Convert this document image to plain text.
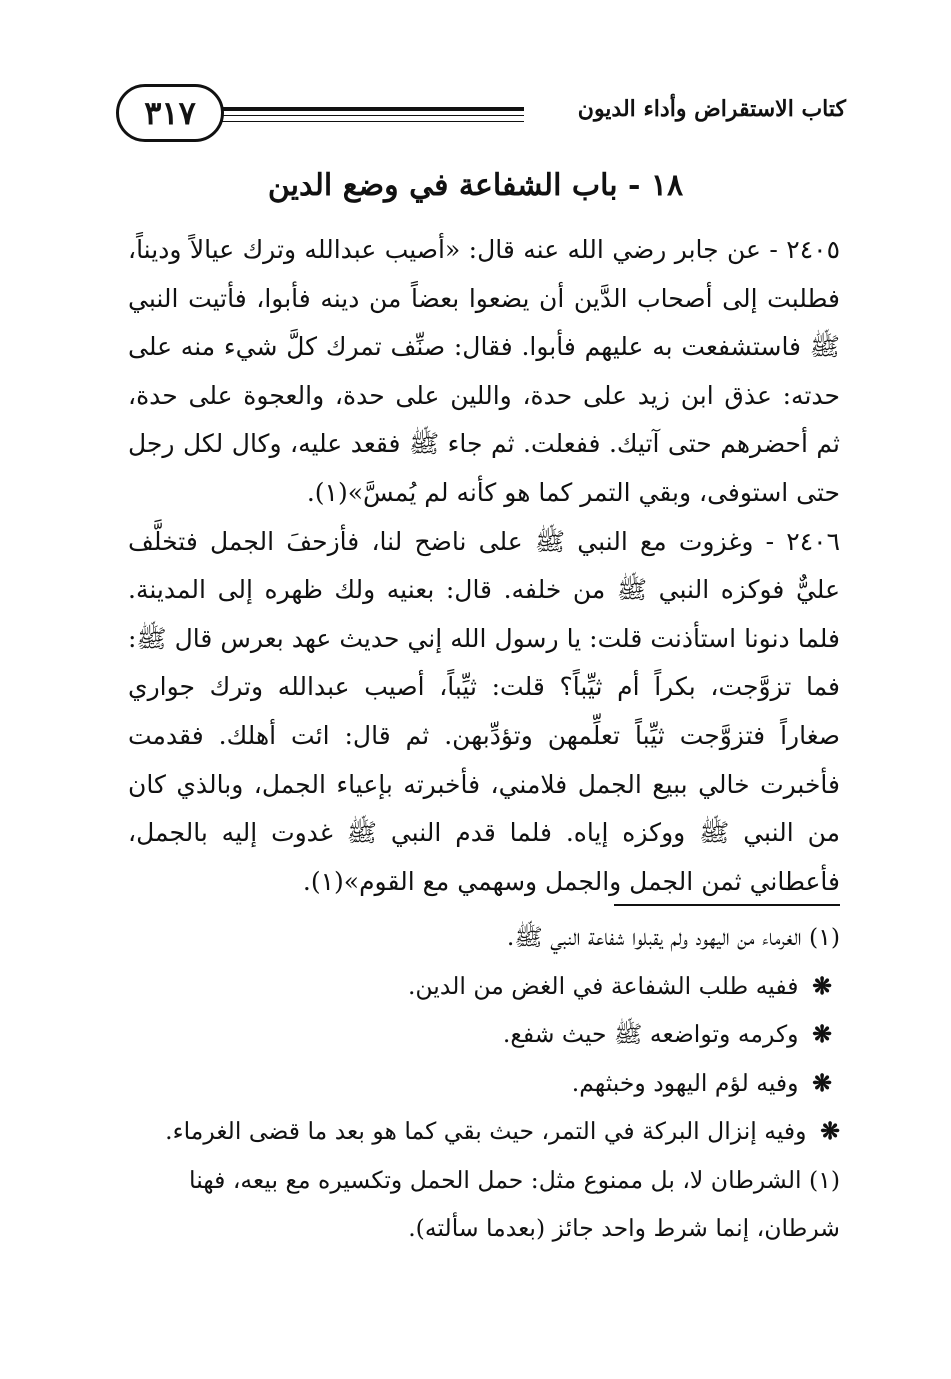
٣١٧	كتاب الاستقراض وأداء الديون
١٨ - باب الشفاعة في وضع الدين

٢٤٠٥ - عن جابر رضي الله عنه قال: «أصيب عبدالله وترك عيالاً وديناً، فطلبت إلى أصحاب الدَّين أن يضعوا بعضاً من دينه فأبوا، فأتيت النبي ﷺ فاستشفعت به عليهم فأبوا. فقال: صنِّف تمرك كلَّ شيء منه على حدته: عذق ابن زيد على حدة، واللين على حدة، والعجوة على حدة، ثم أحضرهم حتى آتيك. ففعلت. ثم جاء ﷺ فقعد عليه، وكال لكل رجل حتى استوفى، وبقي التمر كما هو كأنه لم يُمسَّ»(١).

٢٤٠٦ - وغزوت مع النبي ﷺ على ناضح لنا، فأزحفَ الجمل فتخلَّف عليٌّ فوكزه النبي ﷺ من خلفه. قال: بعنيه ولك ظهره إلى المدينة. فلما دنونا استأذنت قلت: يا رسول الله إني حديث عهد بعرس قال ﷺ: فما تزوَّجت، بكراً أم ثيِّباً؟ قلت: ثيِّباً، أصيب عبدالله وترك جواري صغاراً فتزوَّجت ثيِّباً تعلِّمهن وتؤدِّبهن. ثم قال: ائت أهلك. فقدمت فأخبرت خالي ببيع الجمل فلامني، فأخبرته بإعياء الجمل، وبالذي كان من النبي ﷺ ووكزه إياه. فلما قدم النبي ﷺ غدوت إليه بالجمل، فأعطاني ثمن الجمل والجمل وسهمي مع القوم»(١).

(١) الغرماء من اليهود ولم يقبلوا شفاعة النبي ﷺ.

❋ ففيه طلب الشفاعة في الغض من الدين.

❋ وكرمه وتواضعه ﷺ حيث شفع.

❋ وفيه لؤم اليهود وخبثهم.

❋ وفيه إنزال البركة في التمر، حيث بقي كما هو بعد ما قضى الغرماء.

(١) الشرطان لا، بل ممنوع مثل: حمل الحمل وتكسيره مع بيعه، فهنا شرطان، إنما شرط واحد جائز (بعدما سألته).
